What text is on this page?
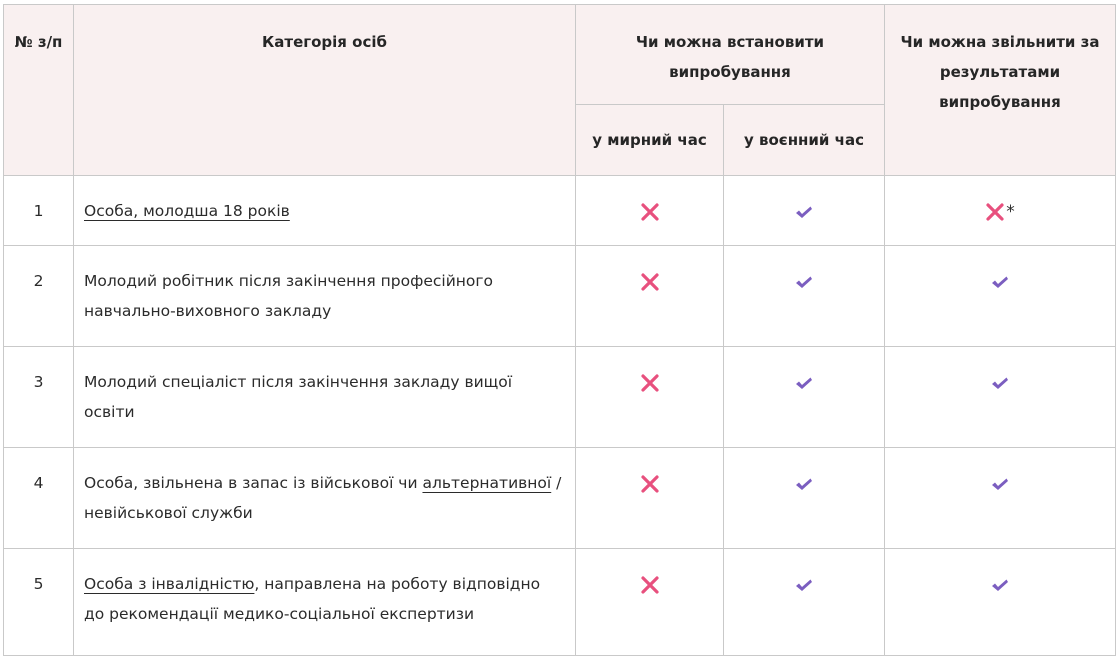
№ з/п	Категорія осіб	Чи можна встановити випробування		Чи можна звільнити за результатами випробування
		у мирний час	у воєнний час	
1	Особа, молодша 18 років			*
2	Молодий робітник після закінчення професійного навчально-виховного закладу			
3	Молодий спеціаліст після закінчення закладу вищої освіти			
4	Особа, звільнена в запас із військової чи альтернативної / невійськової служби			
5	Особа з інвалідністю, направлена на роботу відповідно до рекомендації медико-соціальної експертизи			
